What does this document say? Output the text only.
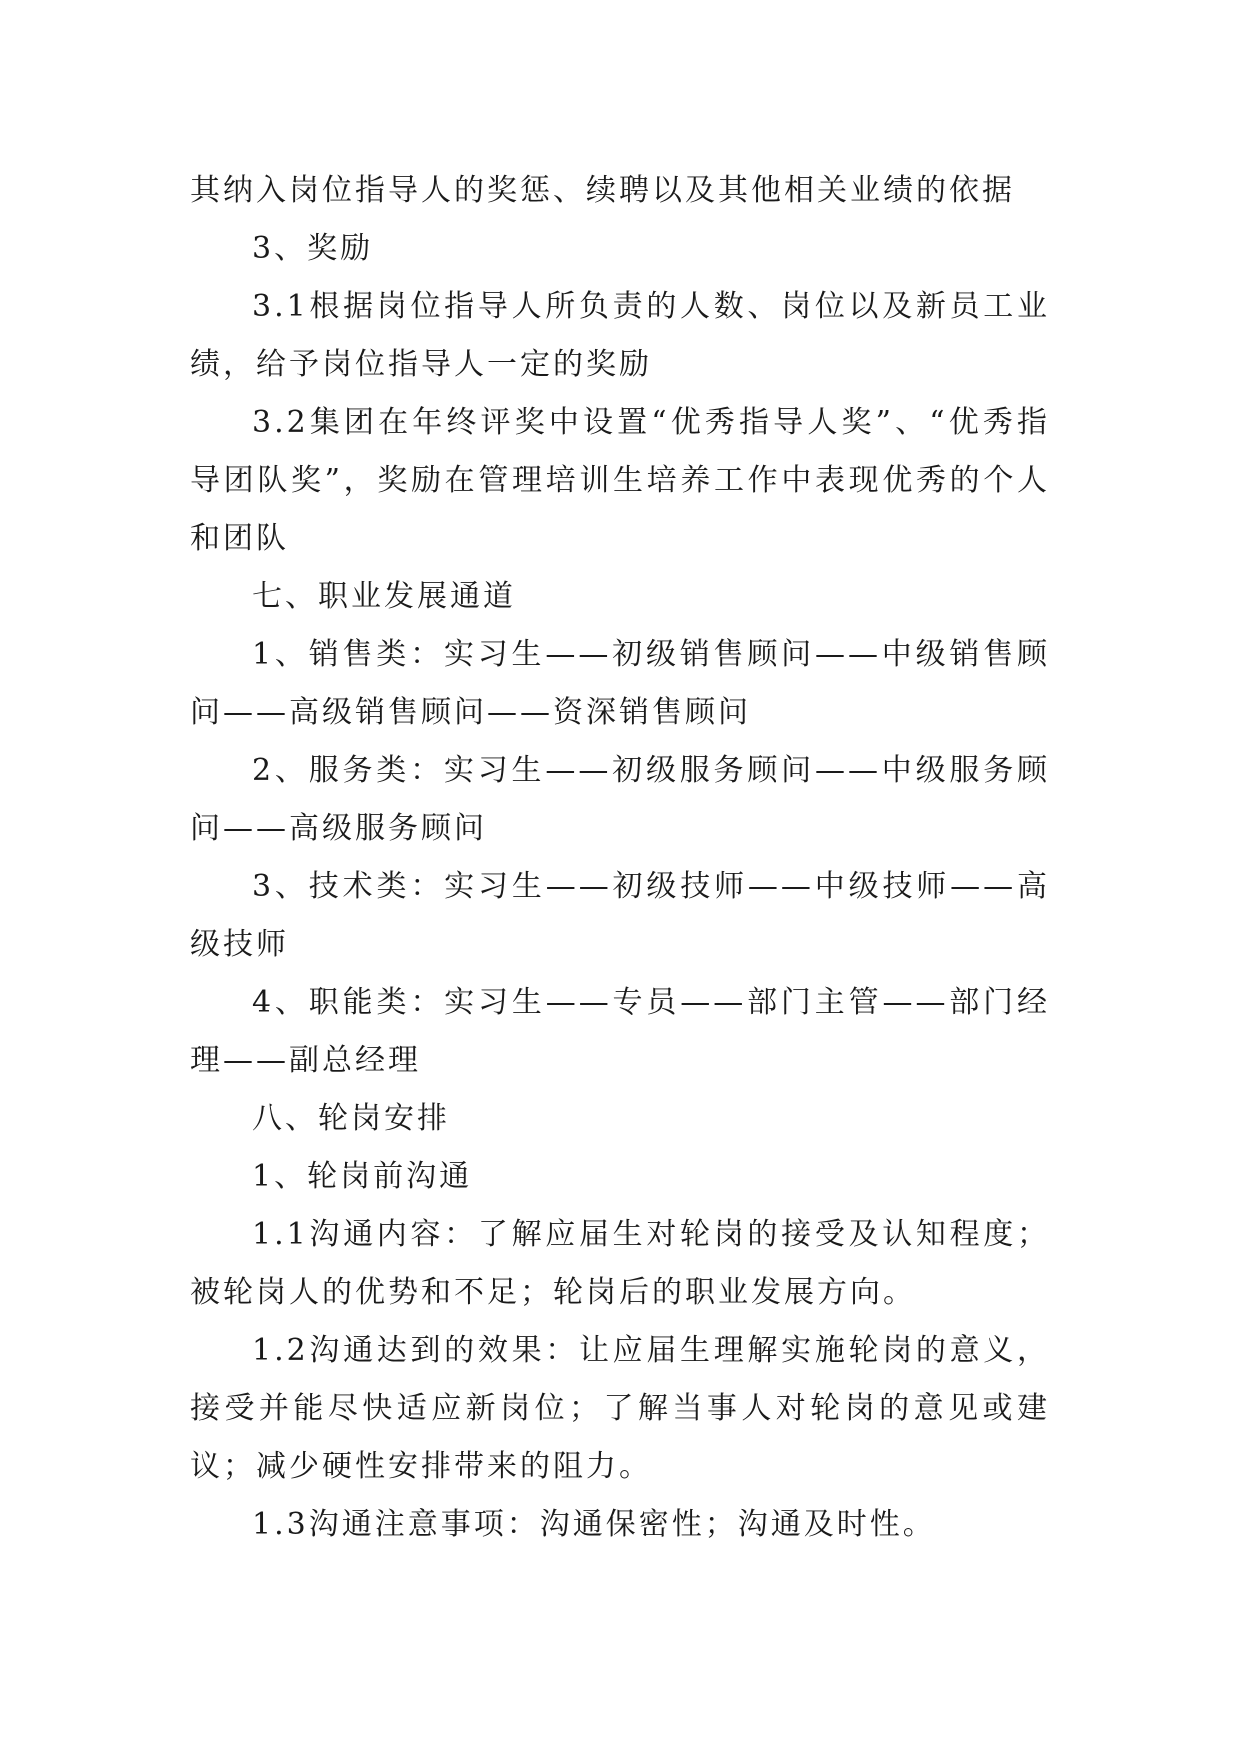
其纳入岗位指导人的奖惩、续聘以及其他相关业绩的依据

3、奖励

3.1根据岗位指导人所负责的人数、岗位以及新员工业绩，给予岗位指导人一定的奖励

3.2集团在年终评奖中设置“优秀指导人奖”、“优秀指导团队奖”，奖励在管理培训生培养工作中表现优秀的个人和团队

七、职业发展通道

1、销售类：实习生——初级销售顾问——中级销售顾问——高级销售顾问——资深销售顾问

2、服务类：实习生——初级服务顾问——中级服务顾问——高级服务顾问

3、技术类：实习生——初级技师——中级技师——高级技师

4、职能类：实习生——专员——部门主管——部门经理——副总经理

八、轮岗安排

1、轮岗前沟通

1.1沟通内容：了解应届生对轮岗的接受及认知程度；被轮岗人的优势和不足；轮岗后的职业发展方向。

1.2沟通达到的效果：让应届生理解实施轮岗的意义，接受并能尽快适应新岗位；了解当事人对轮岗的意见或建议；减少硬性安排带来的阻力。

1.3沟通注意事项：沟通保密性；沟通及时性。
